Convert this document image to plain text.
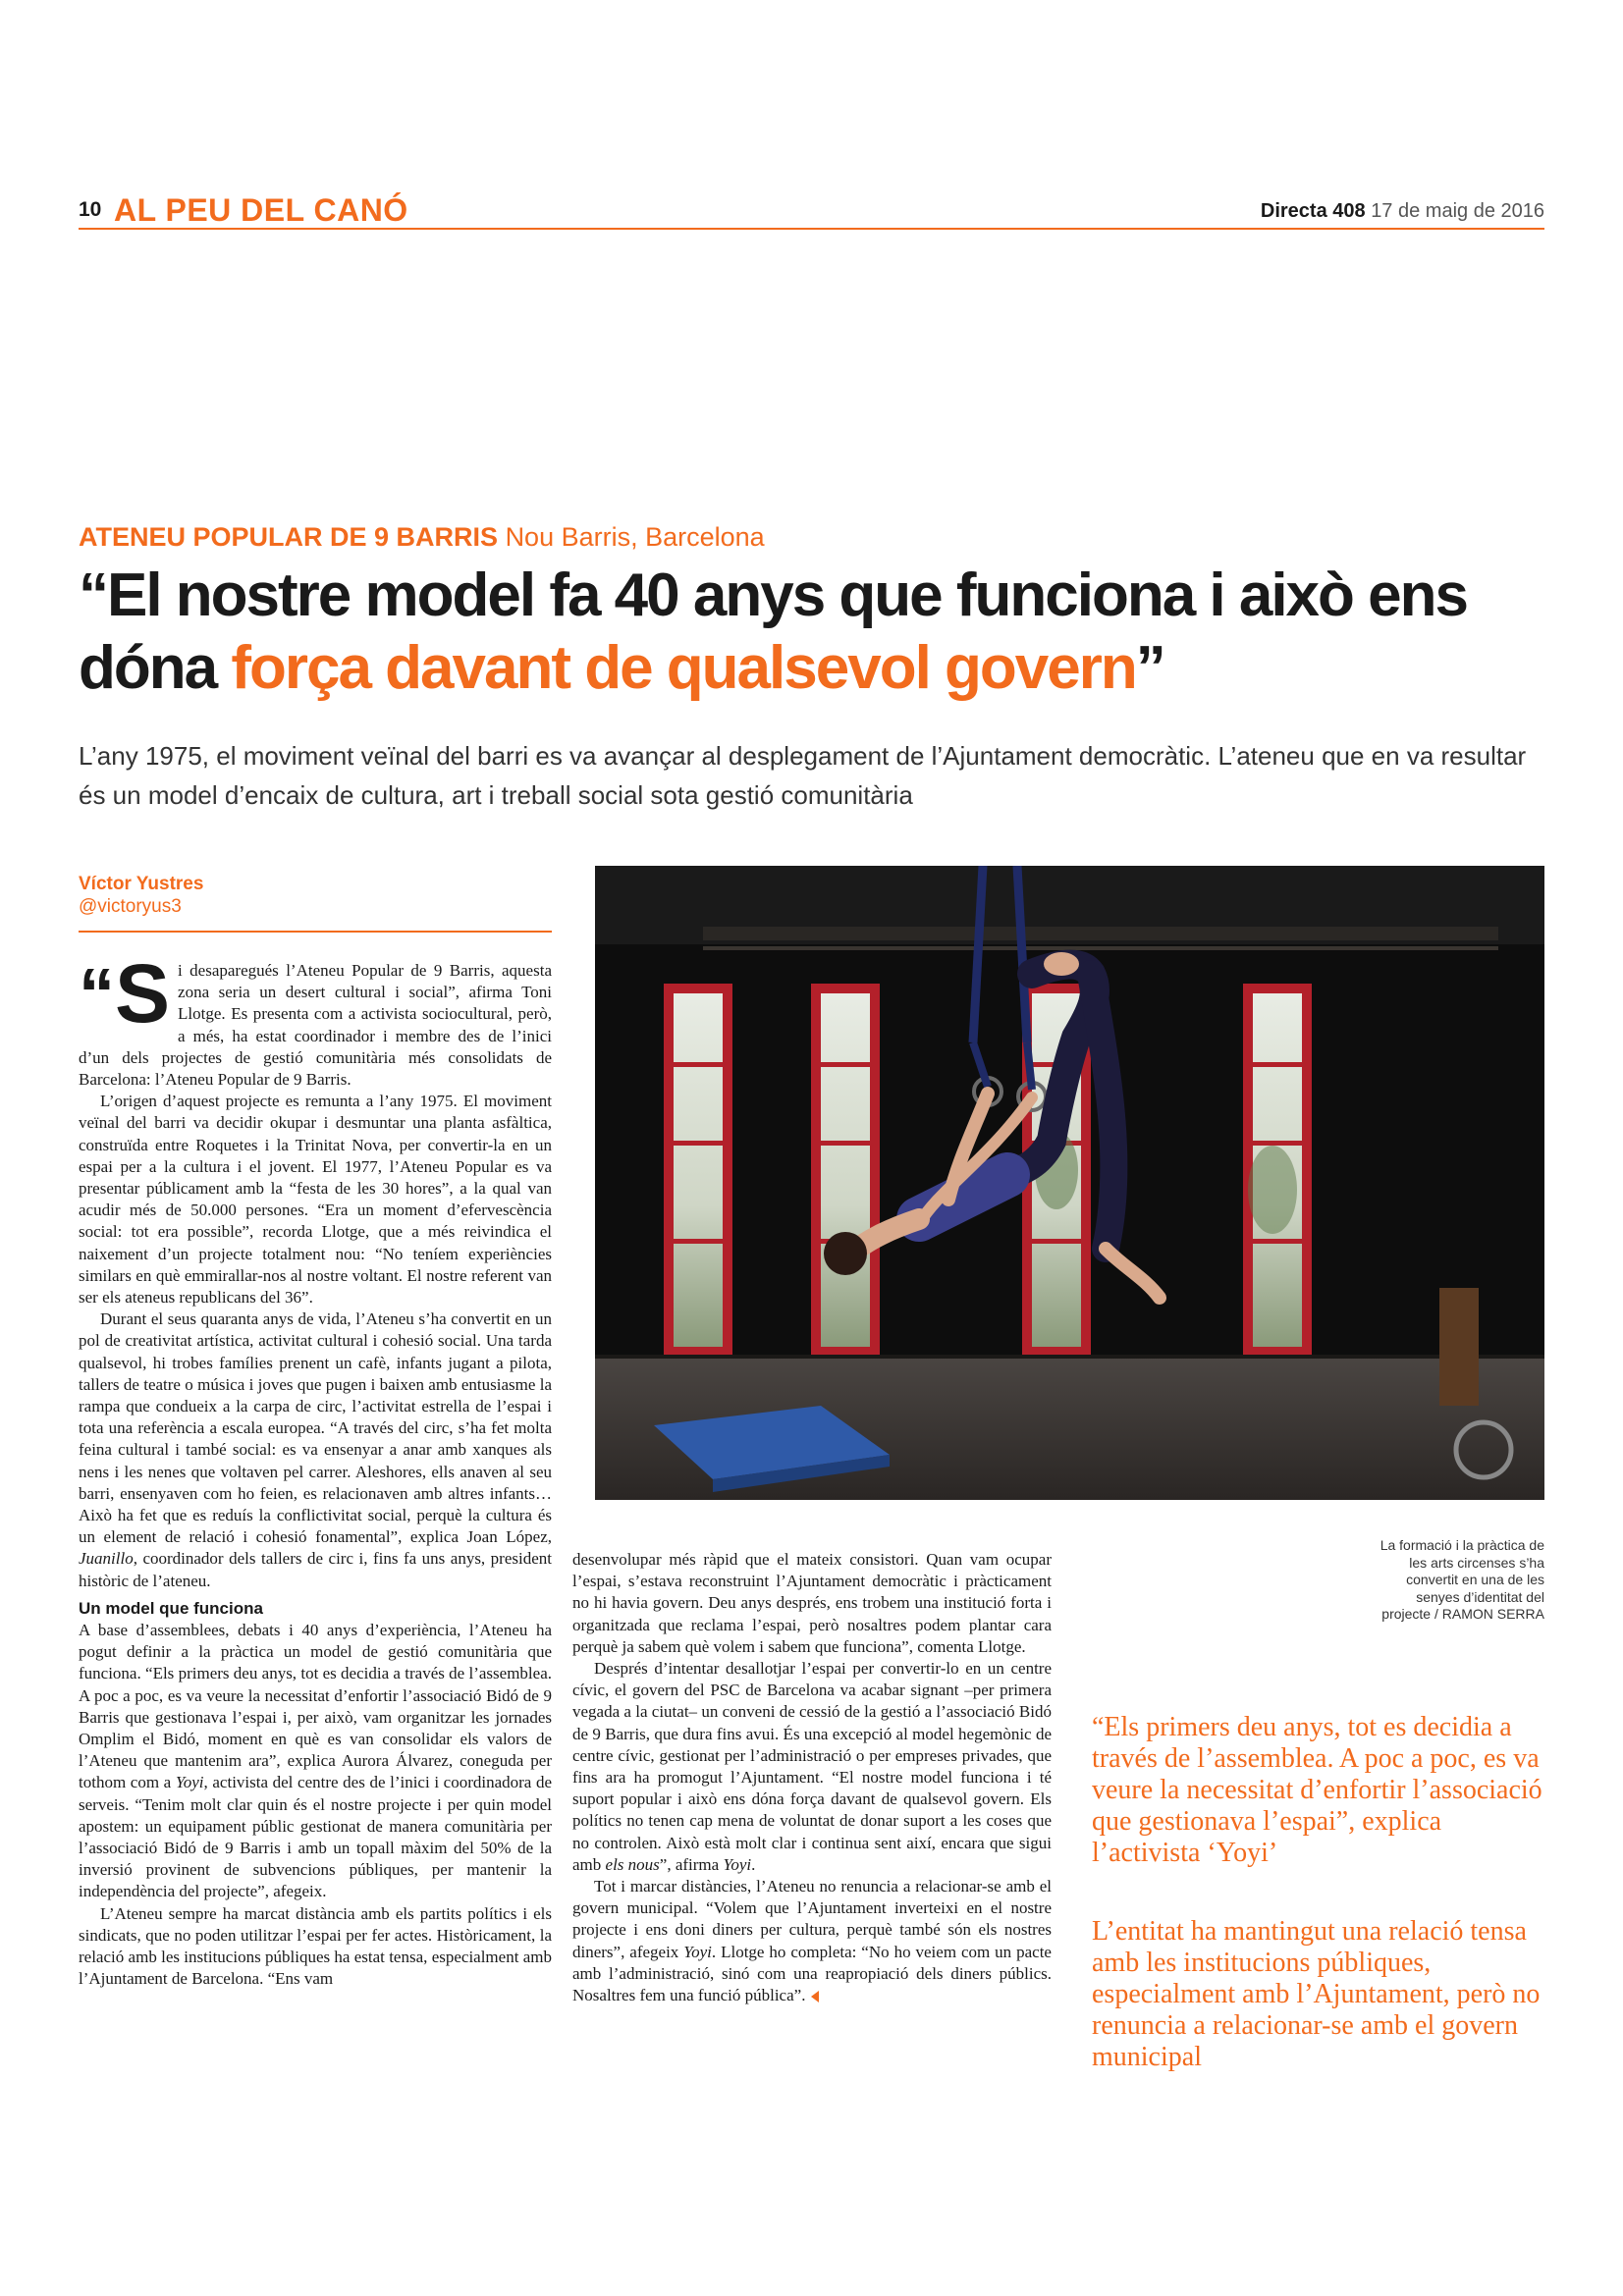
10 AL PEU DEL CANÓ	Directa 408 17 de maig de 2016
ATENEU POPULAR DE 9 BARRIS Nou Barris, Barcelona
“El nostre model fa 40 anys que funciona i això ens dóna força davant de qualsevol govern”

L’any 1975, el moviment veïnal del barri es va avançar al desplegament de l’Ajuntament democràtic. L’ateneu que en va resultar és un model d’encaix de cultura, art i treball social sota gestió comunitària

Víctor Yustres
@victoryus3

“S i desaparegués l’Ateneu Popular de 9 Barris, aquesta zona seria un desert cultural i social”, afirma Toni Llotge. Es presenta com a activista sociocultural, però, a més, ha estat coordinador i membre des de l’inici d’un dels projectes de gestió comunitària més consolidats de Barcelona: l’Ateneu Popular de 9 Barris.

L’origen d’aquest projecte es remunta a l’any 1975. El moviment veïnal del barri va decidir okupar i desmuntar una planta asfàltica, construïda entre Roquetes i la Trinitat Nova, per convertir-la en un espai per a la cultura i el jovent. El 1977, l’Ateneu Popular es va presentar públicament amb la “festa de les 30 hores”, a la qual van acudir més de 50.000 persones. “Era un moment d’efervescència social: tot era possible”, recorda Llotge, que a més reivindica el naixement d’un projecte totalment nou: “No teníem experiències similars en què emmirallar-nos al nostre voltant. El nostre referent van ser els ateneus republicans del 36”.

Durant el seus quaranta anys de vida, l’Ateneu s’ha convertit en un pol de creativitat artística, activitat cultural i cohesió social. Una tarda qualsevol, hi trobes famílies prenent un cafè, infants jugant a pilota, tallers de teatre o música i joves que pugen i baixen amb entusiasme la rampa que condueix a la carpa de circ, l’activitat estrella de l’espai i tota una referència a escala europea. “A través del circ, s’ha fet molta feina cultural i també social: es va ensenyar a anar amb xanques als nens i les nenes que voltaven pel carrer. Aleshores, ells anaven al seu barri, ensenyaven com ho feien, es relacionaven amb altres infants… Això ha fet que es reduís la conflictivitat social, perquè la cultura és un element de relació i cohesió fonamental”, explica Joan López, Juanillo, coordinador dels tallers de circ i, fins fa uns anys, president històric de l’ateneu.

Un model que funciona

A base d’assemblees, debats i 40 anys d’experiència, l’Ateneu ha pogut definir a la pràctica un model de gestió comunitària que funciona. “Els primers deu anys, tot es decidia a través de l’assemblea. A poc a poc, es va veure la necessitat d’enfortir l’associació Bidó de 9 Barris que gestionava l’espai i, per això, vam organitzar les jornades Omplim el Bidó, moment en què es van consolidar els valors de l’Ateneu que mantenim ara”, explica Aurora Álvarez, coneguda per tothom com a Yoyi, activista del centre des de l’inici i coordinadora de serveis. “Tenim molt clar quin és el nostre projecte i per quin model apostem: un equipament públic gestionat de manera comunitària per l’associació Bidó de 9 Barris i amb un topall màxim del 50% de la inversió provinent de subvencions públiques, per mantenir la independència del projecte”, afegeix.

L’Ateneu sempre ha marcat distància amb els partits polítics i els sindicats, que no poden utilitzar l’espai per fer actes. Històricament, la relació amb les institucions públiques ha estat tensa, especialment amb l’Ajuntament de Barcelona. “Ens vam

La formació i la pràctica de les arts circenses s’ha convertit en una de les senyes d’identitat del projecte / RAMON SERRA

desenvolupar més ràpid que el mateix consistori. Quan vam ocupar l’espai, s’estava reconstruint l’Ajuntament democràtic i pràcticament no hi havia govern. Deu anys després, ens trobem una institució forta i organitzada que reclama l’espai, però nosaltres podem plantar cara perquè ja sabem què volem i sabem que funciona”, comenta Llotge.

Després d’intentar desallotjar l’espai per convertir-lo en un centre cívic, el govern del PSC de Barcelona va acabar signant –per primera vegada a la ciutat– un conveni de cessió de la gestió a l’associació Bidó de 9 Barris, que dura fins avui. És una excepció al model hegemònic de centre cívic, gestionat per l’administració o per empreses privades, que fins ara ha promogut l’Ajuntament. “El nostre model funciona i té suport popular i això ens dóna força davant de qualsevol govern. Els polítics no tenen cap mena de voluntat de donar suport a les coses que no controlen. Això està molt clar i continua sent així, encara que sigui amb els nous”, afirma Yoyi.

Tot i marcar distàncies, l’Ateneu no renuncia a relacionar-se amb el govern municipal. “Volem que l’Ajuntament inverteixi en el nostre projecte i ens doni diners per cultura, perquè també són els nostres diners”, afegeix Yoyi. Llotge ho completa: “No ho veiem com un pacte amb l’administració, sinó com una reapropiació dels diners públics. Nosaltres fem una funció pública”.

“Els primers deu anys, tot es decidia a través de l’assemblea. A poc a poc, es va veure la necessitat d’enfortir l’associació que gestionava l’espai”, explica l’activista ‘Yoyi’

L’entitat ha mantingut una relació tensa amb les institucions públiques, especialment amb l’Ajuntament, però no renuncia a relacionar-se amb el govern municipal
